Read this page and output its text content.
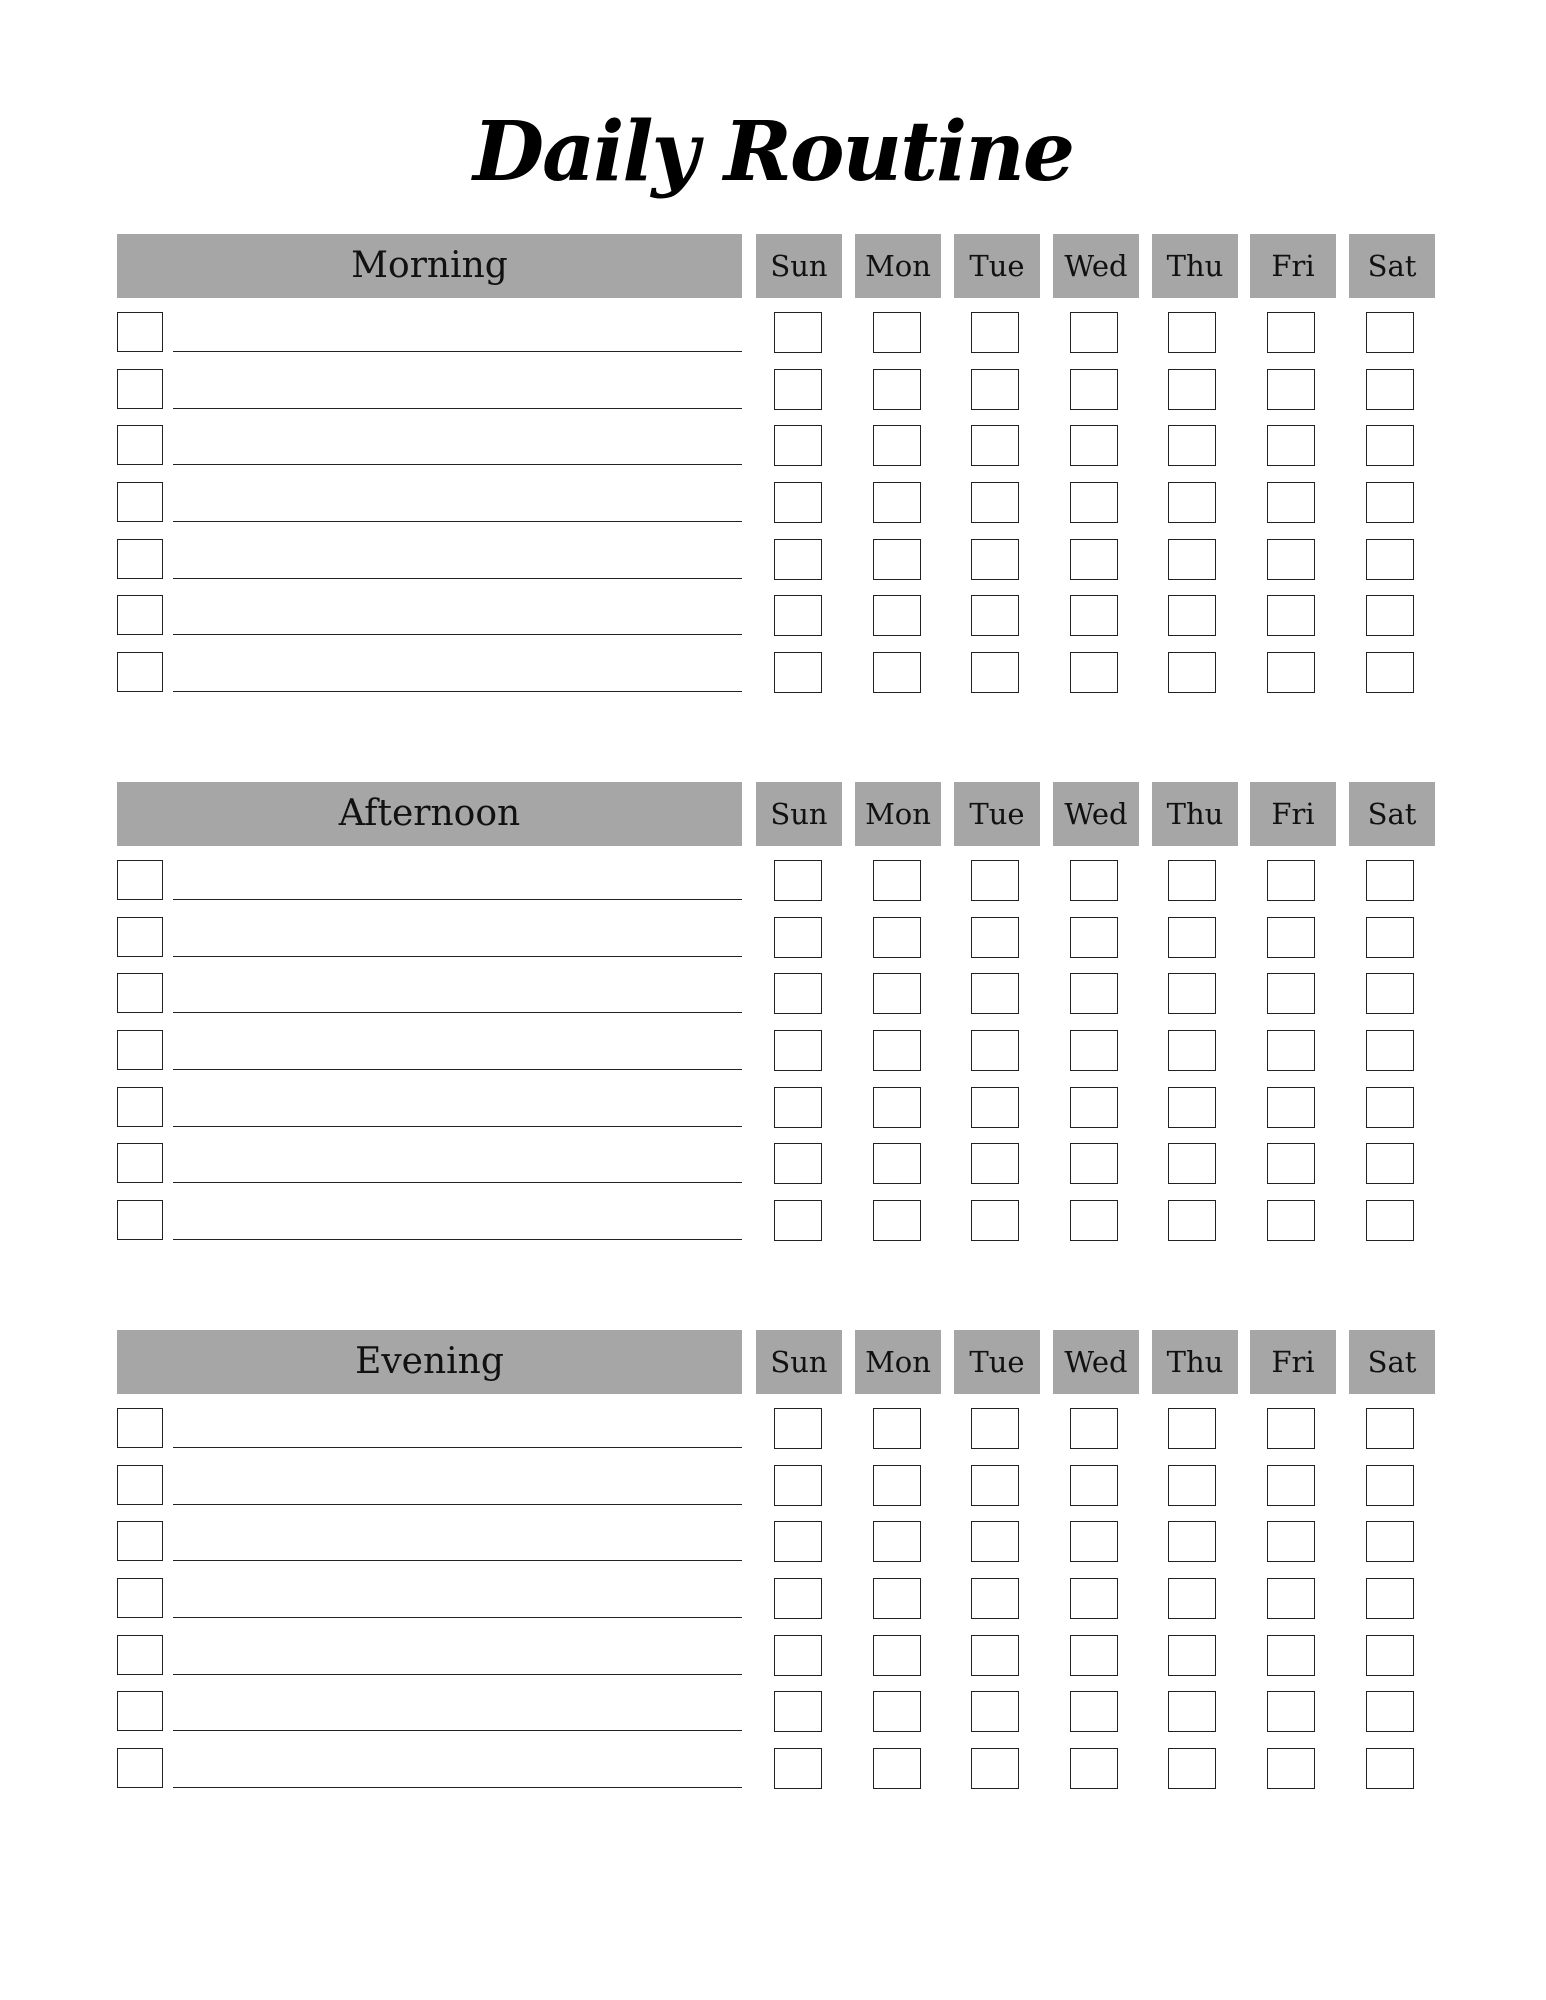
Daily Routine
Morning	Sun	Mon	Tue	Wed	Thu	Fri	Sat
Afternoon	Sun	Mon	Tue	Wed	Thu	Fri	Sat
Evening	Sun	Mon	Tue	Wed	Thu	Fri	Sat
